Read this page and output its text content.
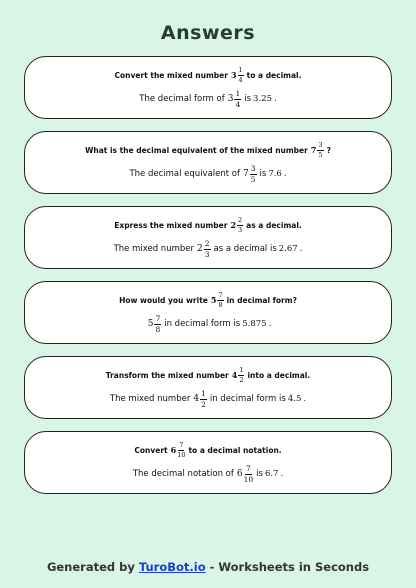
Answers
Convert the mixed number $3 \frac{1}{4}$ to a decimal.
The decimal form of $3 \frac{1}{4}$ is 3.25 .
What is the decimal equivalent of the mixed number $7 \frac{3}{5}$ ?
The decimal equivalent of $7 \frac{3}{5}$ is 7.6 .
Express the mixed number $2 \frac{2}{3}$ as a decimal.
The mixed number $2 \frac{2}{3}$ as a decimal is 2.67 .
How would you write $5 \frac{7}{8}$ in decimal form?
$5 \frac{7}{8}$ in decimal form is 5.875 .
Transform the mixed number $4 \frac{1}{2}$ into a decimal.
The mixed number $4 \frac{1}{2}$ in decimal form is 4.5 .
Convert $6 \frac{7}{10}$ to a decimal notation.
The decimal notation of $6 \frac{7}{10}$ is 6.7 .
Generated by TuroBot.io - Worksheets in Seconds
